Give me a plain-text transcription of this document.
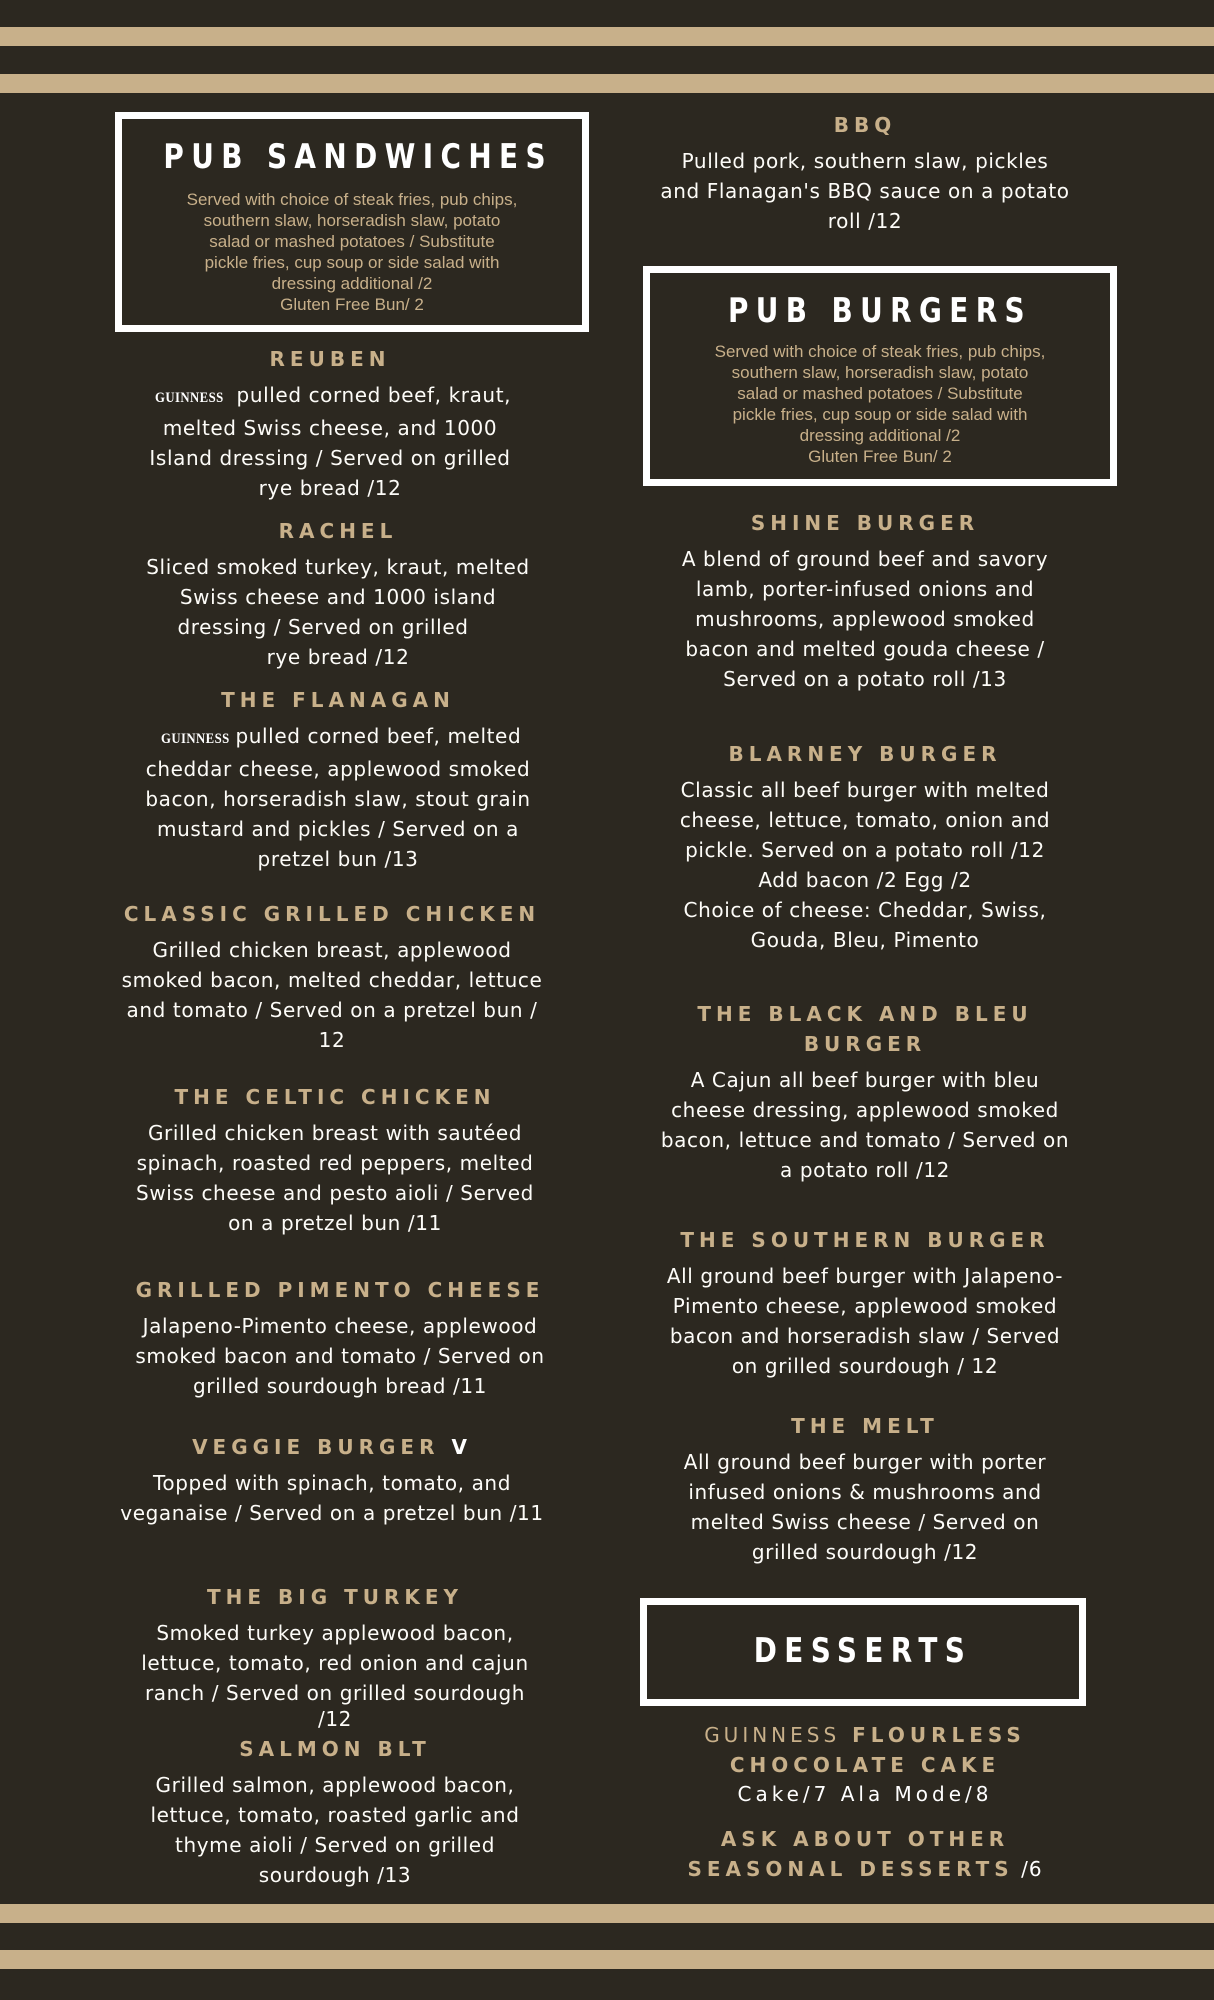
PUB SANDWICHES
Served with choice of steak fries, pub chips,
southern slaw, horseradish slaw, potato
salad or mashed potatoes / Substitute
pickle fries, cup soup or side salad with
dressing additional /2
Gluten Free Bun/ 2
REUBEN
GUINNESS pulled corned beef, kraut,
melted Swiss cheese, and 1000
Island dressing / Served on grilled
rye bread /12
RACHEL
Sliced smoked turkey, kraut, melted
Swiss cheese and 1000 island
dressing / Served on grilled
rye bread /12
THE FLANAGAN
GUINNESS pulled corned beef, melted
cheddar cheese, applewood smoked
bacon, horseradish slaw, stout grain
mustard and pickles / Served on a
pretzel bun /13
CLASSIC GRILLED CHICKEN
Grilled chicken breast, applewood
smoked bacon, melted cheddar, lettuce
and tomato / Served on a pretzel bun /
12
THE CELTIC CHICKEN
Grilled chicken breast with sautéed
spinach, roasted red peppers, melted
Swiss cheese and pesto aioli / Served
on a pretzel bun /11
GRILLED PIMENTO CHEESE
Jalapeno-Pimento cheese, applewood
smoked bacon and tomato / Served on
grilled sourdough bread /11
VEGGIE BURGER V
Topped with spinach, tomato, and
veganaise / Served on a pretzel bun /11
THE BIG TURKEY
Smoked turkey applewood bacon,
lettuce, tomato, red onion and cajun
ranch / Served on grilled sourdough
/12
SALMON BLT
Grilled salmon, applewood bacon,
lettuce, tomato, roasted garlic and
thyme aioli / Served on grilled
sourdough /13
BBQ
Pulled pork, southern slaw, pickles
and Flanagan's BBQ sauce on a potato
roll /12
PUB BURGERS
Served with choice of steak fries, pub chips,
southern slaw, horseradish slaw, potato
salad or mashed potatoes / Substitute
pickle fries, cup soup or side salad with
dressing additional /2
Gluten Free Bun/ 2
SHINE BURGER
A blend of ground beef and savory
lamb, porter-infused onions and
mushrooms, applewood smoked
bacon and melted gouda cheese /
Served on a potato roll /13
BLARNEY BURGER
Classic all beef burger with melted
cheese, lettuce, tomato, onion and
pickle. Served on a potato roll /12
Add bacon /2 Egg /2
Choice of cheese: Cheddar, Swiss,
Gouda, Bleu, Pimento
THE BLACK AND BLEU
BURGER
A Cajun all beef burger with bleu
cheese dressing, applewood smoked
bacon, lettuce and tomato / Served on
a potato roll /12
THE SOUTHERN BURGER
All ground beef burger with Jalapeno-
Pimento cheese, applewood smoked
bacon and horseradish slaw / Served
on grilled sourdough / 12
THE MELT
All ground beef burger with porter
infused onions & mushrooms and
melted Swiss cheese / Served on
grilled sourdough /12
DESSERTS
GUINNESS FLOURLESS
CHOCOLATE CAKE
Cake/7 Ala Mode/8
ASK ABOUT OTHER
SEASONAL DESSERTS /6
